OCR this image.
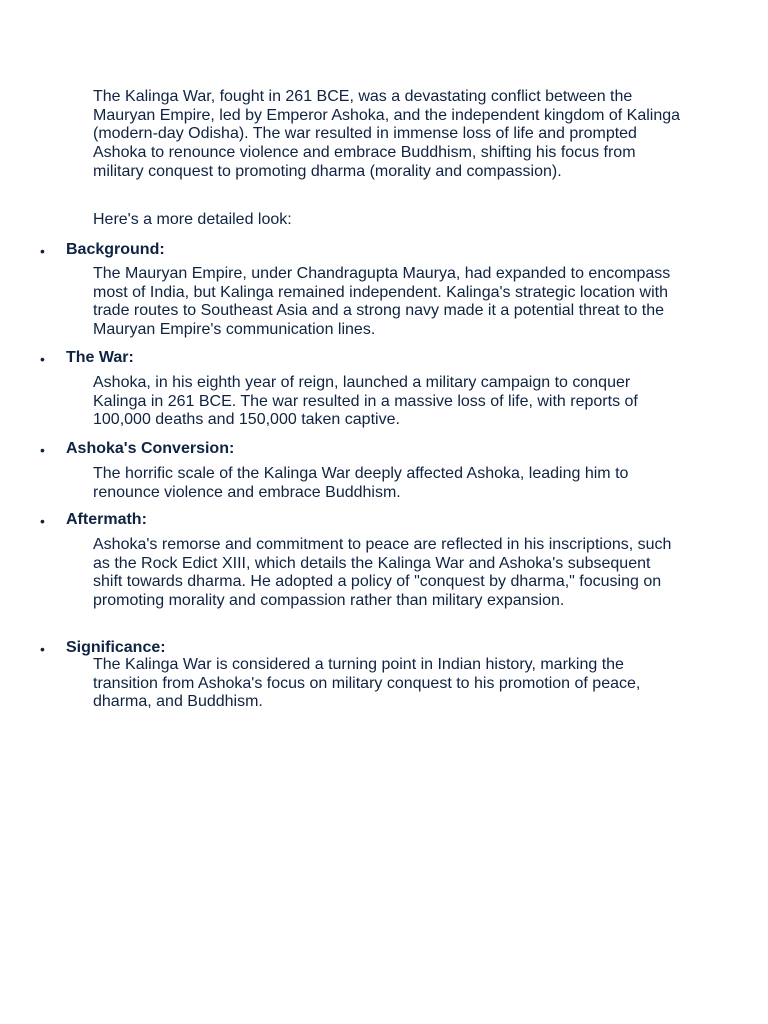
The Kalinga War, fought in 261 BCE, was a devastating conflict between the Mauryan Empire, led by Emperor Ashoka, and the independent kingdom of Kalinga (modern-day Odisha). The war resulted in immense loss of life and prompted Ashoka to renounce violence and embrace Buddhism, shifting his focus from military conquest to promoting dharma (morality and compassion).

Here's a more detailed look:

• Background:

The Mauryan Empire, under Chandragupta Maurya, had expanded to encompass most of India, but Kalinga remained independent. Kalinga's strategic location with trade routes to Southeast Asia and a strong navy made it a potential threat to the Mauryan Empire's communication lines.

• The War:

Ashoka, in his eighth year of reign, launched a military campaign to conquer Kalinga in 261 BCE. The war resulted in a massive loss of life, with reports of 100,000 deaths and 150,000 taken captive.

• Ashoka's Conversion:

The horrific scale of the Kalinga War deeply affected Ashoka, leading him to renounce violence and embrace Buddhism.

• Aftermath:

Ashoka's remorse and commitment to peace are reflected in his inscriptions, such as the Rock Edict XIII, which details the Kalinga War and Ashoka's subsequent shift towards dharma. He adopted a policy of "conquest by dharma," focusing on promoting morality and compassion rather than military expansion.

• Significance:

The Kalinga War is considered a turning point in Indian history, marking the transition from Ashoka's focus on military conquest to his promotion of peace, dharma, and Buddhism.
